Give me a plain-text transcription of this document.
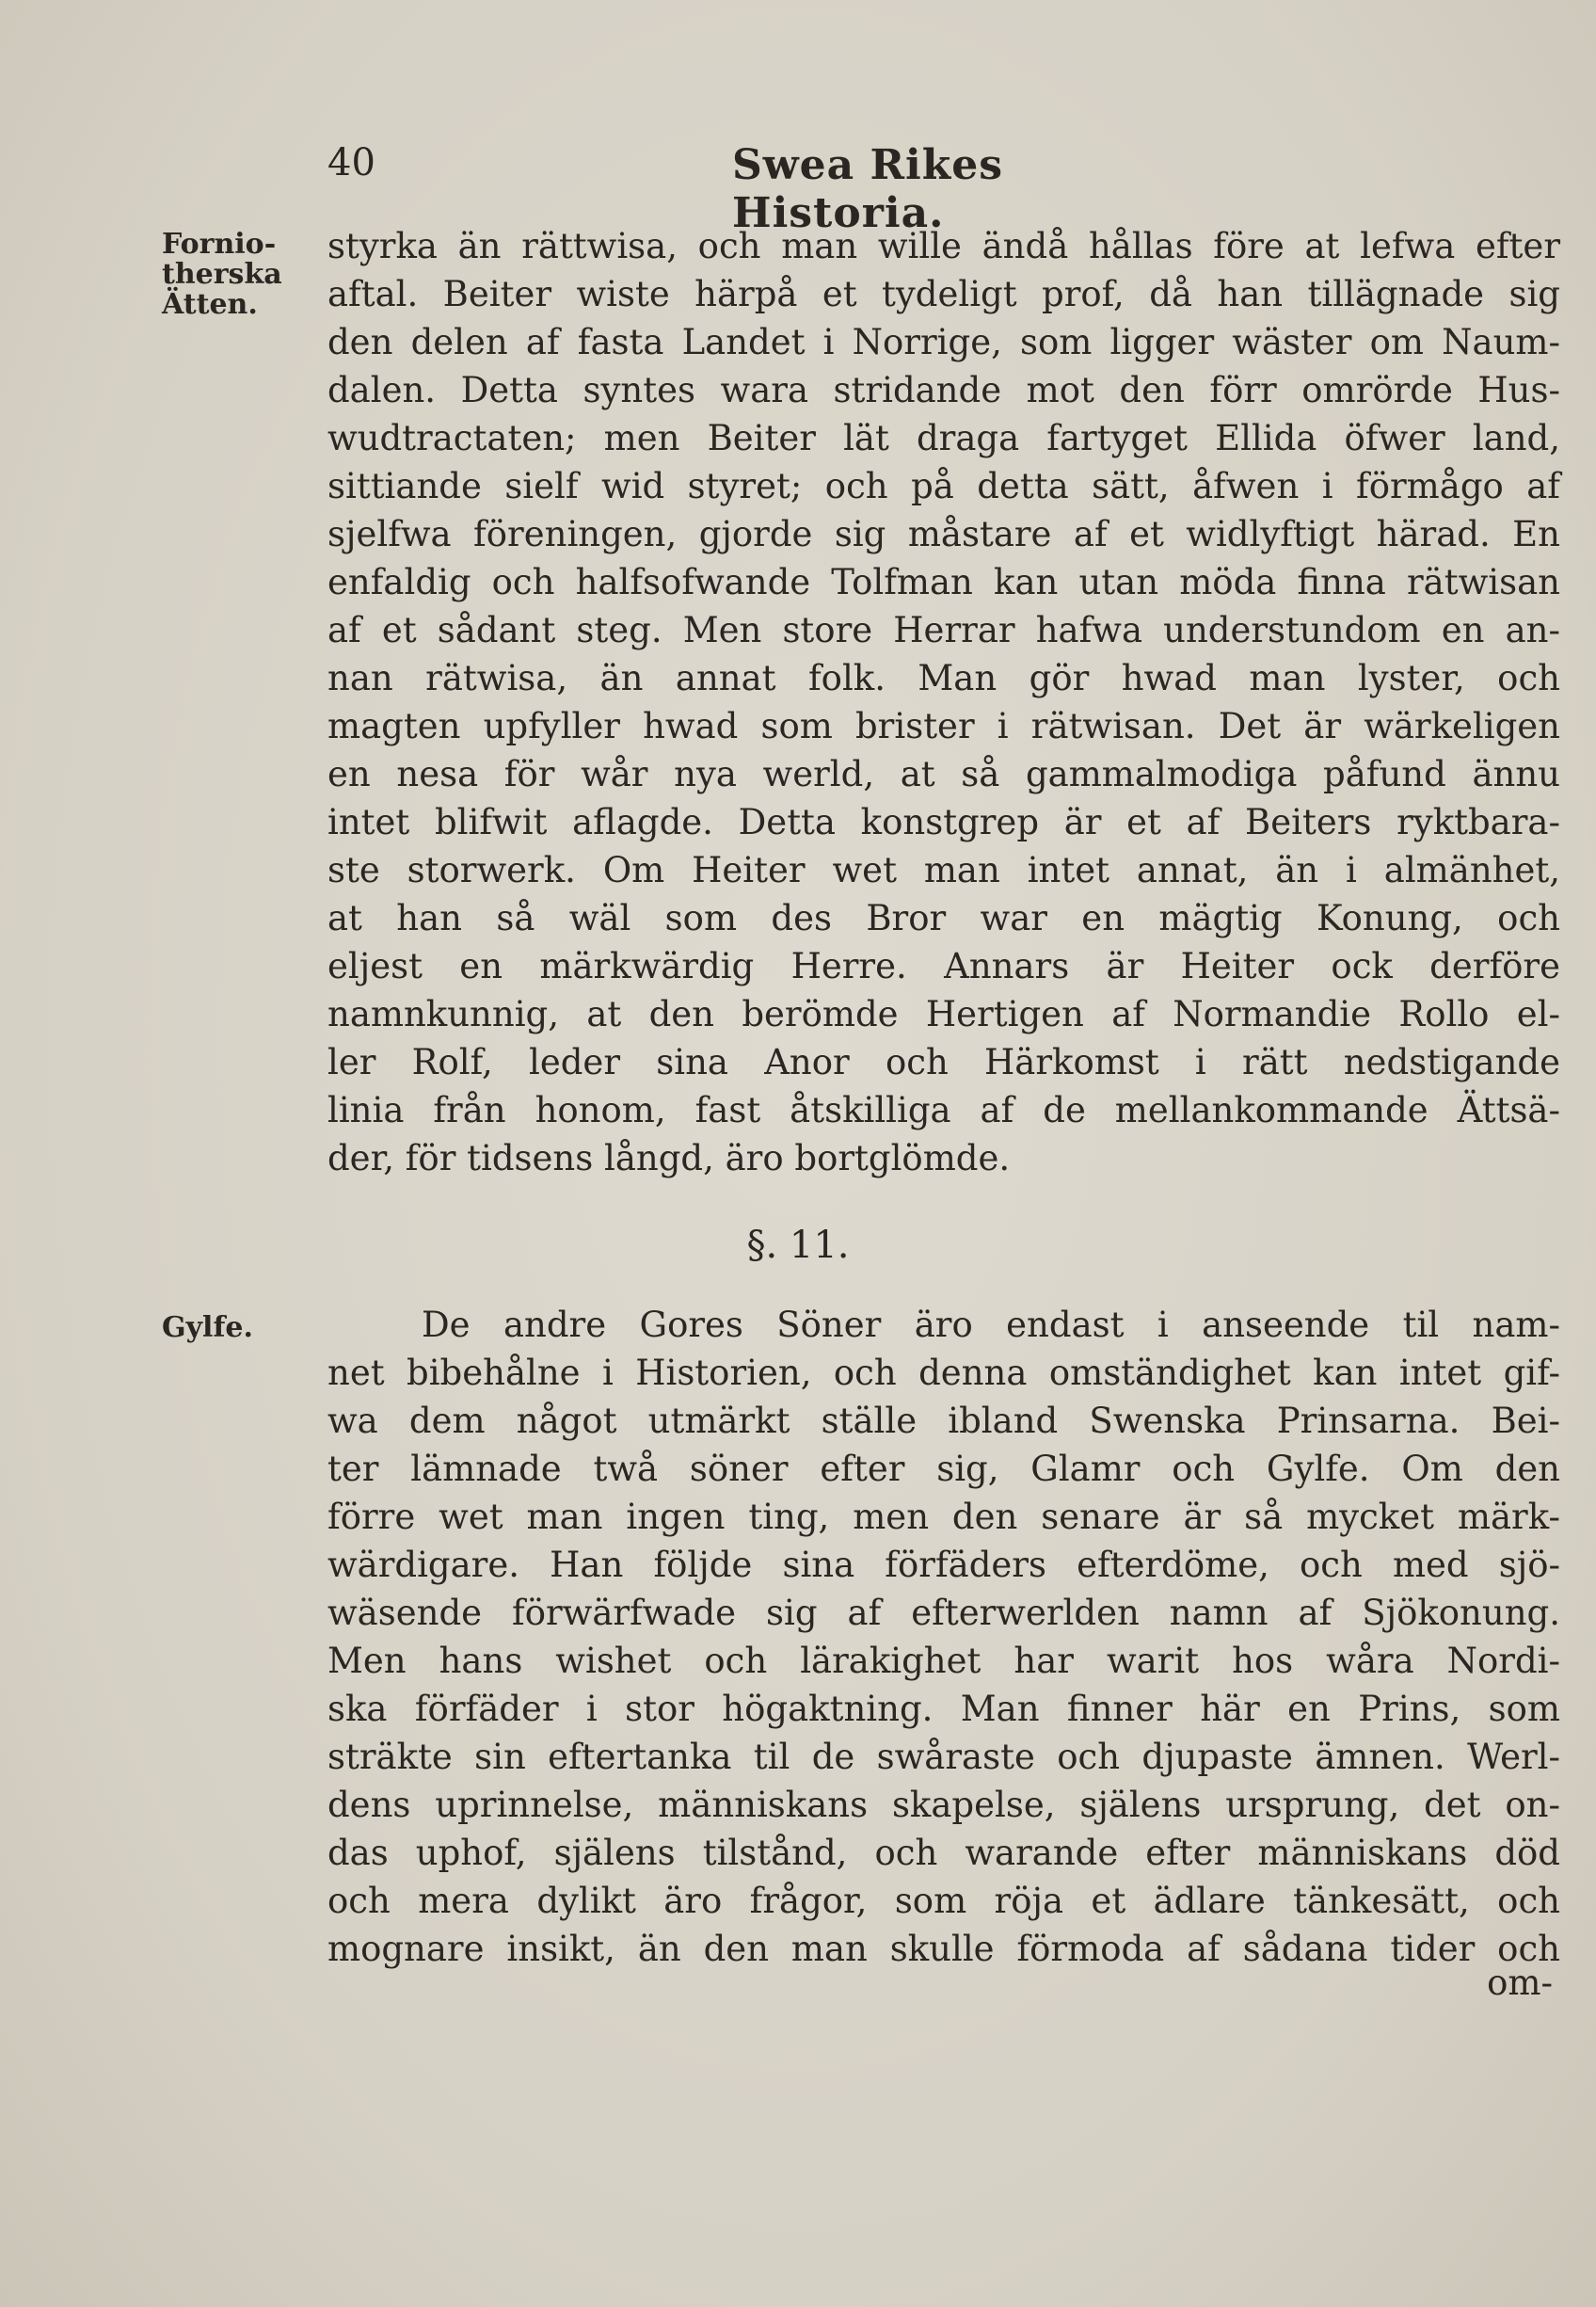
40	Swea Rikes Historia.
Fornio-
therska
Ätten.
Gylfe.
styrka än rättwisa, och man wille ändå hållas före at lefwa efter
aftal. Beiter wiste härpå et tydeligt prof, då han tillägnade sig
den delen af fasta Landet i Norrige, som ligger wäster om Naum-
dalen. Detta syntes wara stridande mot den förr omrörde Hus-
wudtractaten; men Beiter lät draga fartyget Ellida öfwer land,
sittiande sielf wid styret; och på detta sätt, åfwen i förmågo af
sjelfwa föreningen, gjorde sig måstare af et widlyftigt härad. En
enfaldig och halfsofwande Tolfman kan utan möda finna rätwisan
af et sådant steg. Men store Herrar hafwa understundom en an-
nan rätwisa, än annat folk. Man gör hwad man lyster, och
magten upfyller hwad som brister i rätwisan. Det är wärkeligen
en nesa för wår nya werld, at så gammalmodiga påfund ännu
intet blifwit aflagde. Detta konstgrep är et af Beiters ryktbara-
ste storwerk. Om Heiter wet man intet annat, än i almänhet,
at han så wäl som des Bror war en mägtig Konung, och
eljest en märkwärdig Herre. Annars är Heiter ock derföre
namnkunnig, at den berömde Hertigen af Normandie Rollo el-
ler Rolf, leder sina Anor och Härkomst i rätt nedstigande
linia från honom, fast åtskilliga af de mellankommande Ättsä-
der, för tidsens långd, äro bortglömde.
§. 11.
De andre Gores Söner äro endast i anseende til nam-
net bibehålne i Historien, och denna omständighet kan intet gif-
wa dem något utmärkt ställe ibland Swenska Prinsarna. Bei-
ter lämnade twå söner efter sig, Glamr och Gylfe. Om den
förre wet man ingen ting, men den senare är så mycket märk-
wärdigare. Han följde sina förfäders efterdöme, och med sjö-
wäsende förwärfwade sig af efterwerlden namn af Sjökonung.
Men hans wishet och lärakighet har warit hos wåra Nordi-
ska förfäder i stor högaktning. Man finner här en Prins, som
sträkte sin eftertanka til de swåraste och djupaste ämnen. Werl-
dens uprinnelse, människans skapelse, själens ursprung, det on-
das uphof, själens tilstånd, och warande efter människans död
och mera dylikt äro frågor, som röja et ädlare tänkesätt, och
mognare insikt, än den man skulle förmoda af sådana tider och
om-
